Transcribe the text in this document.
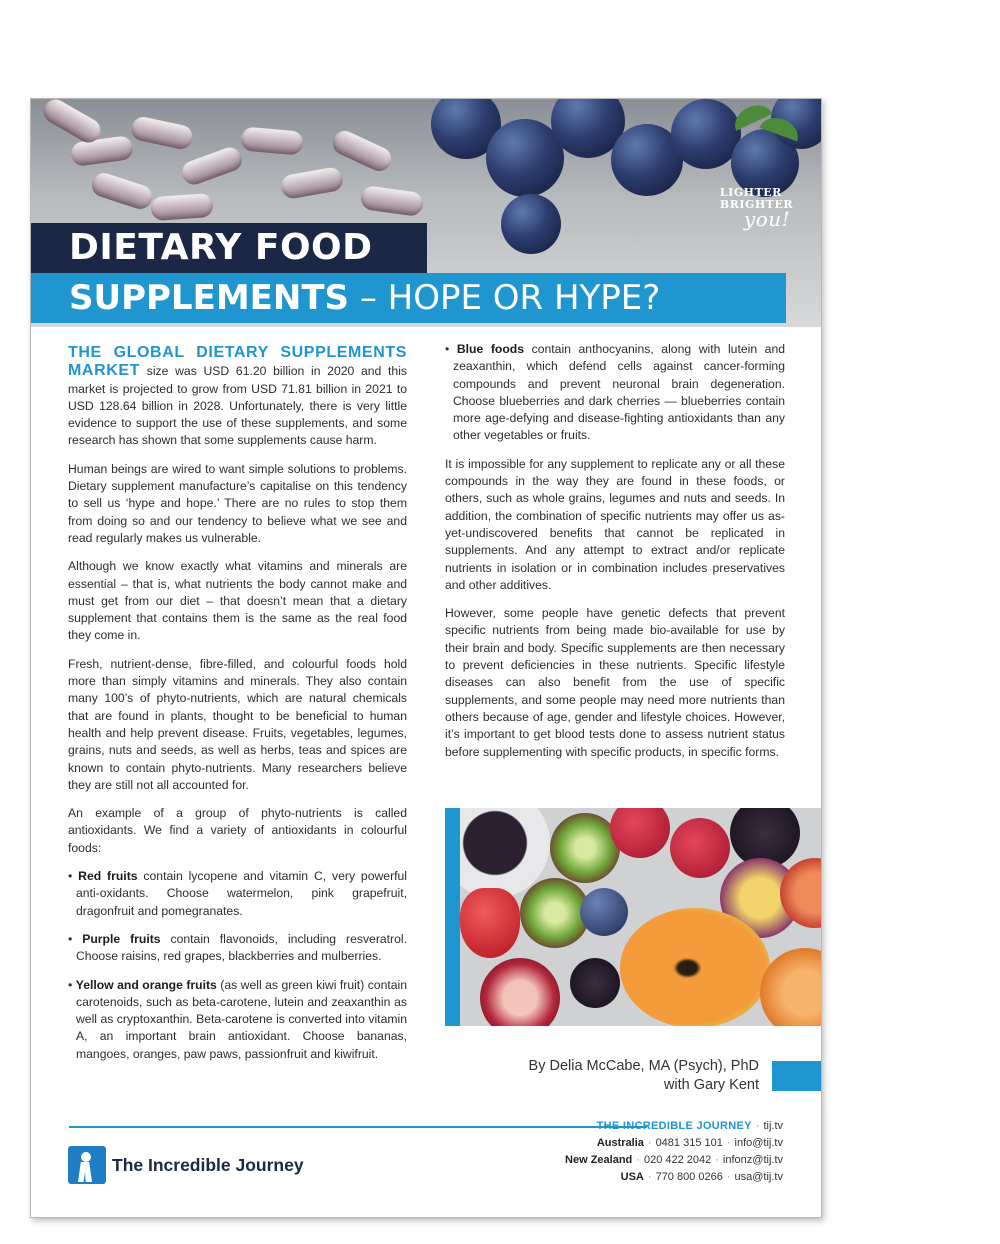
LIGHTER
BRIGHTER
you!
DIETARY FOOD
SUPPLEMENTS – HOPE OR HYPE?

THE GLOBAL DIETARY SUPPLEMENTS MARKET size was USD 61.20 billion in 2020 and this market is projected to grow from USD 71.81 billion in 2021 to USD 128.64 billion in 2028. Unfortunately, there is very little evidence to support the use of these supplements, and some research has shown that some supplements cause harm.

Human beings are wired to want simple solutions to problems. Dietary supplement manufacture’s capitalise on this tendency to sell us ‘hype and hope.’ There are no rules to stop them from doing so and our tendency to believe what we see and read regularly makes us vulnerable.

Although we know exactly what vitamins and minerals are essential – that is, what nutrients the body cannot make and must get from our diet – that doesn’t mean that a dietary supplement that contains them is the same as the real food they come in.

Fresh, nutrient-dense, fibre-filled, and colourful foods hold more than simply vitamins and minerals. They also contain many 100’s of phyto-nutrients, which are natural chemicals that are found in plants, thought to be beneficial to human health and help prevent disease. Fruits, vegetables, legumes, grains, nuts and seeds, as well as herbs, teas and spices are known to contain phyto-nutrients. Many researchers believe they are still not all accounted for.

An example of a group of phyto-nutrients is called antioxidants. We find a variety of antioxidants in colourful foods:

• Red fruits contain lycopene and vitamin C, very powerful anti-oxidants. Choose watermelon, pink grapefruit, dragonfruit and pomegranates.

• Purple fruits contain flavonoids, including resveratrol. Choose raisins, red grapes, blackberries and mulberries.

• Yellow and orange fruits (as well as green kiwi fruit) contain carotenoids, such as beta-carotene, lutein and zeaxanthin as well as cryptoxanthin. Beta-carotene is converted into vitamin A, an important brain antioxidant. Choose bananas, mangoes, oranges, paw paws, passionfruit and kiwifruit.

• Blue foods contain anthocyanins, along with lutein and zeaxanthin, which defend cells against cancer-forming compounds and prevent neuronal brain degeneration. Choose blueberries and dark cherries — blueberries contain more age-defying and disease-fighting antioxidants than any other vegetables or fruits.

It is impossible for any supplement to replicate any or all these compounds in the way they are found in these foods, or others, such as whole grains, legumes and nuts and seeds. In addition, the combination of specific nutrients may offer us as-yet-undiscovered benefits that cannot be replicated in supplements. And any attempt to extract and/or replicate nutrients in isolation or in combination includes preservatives and other additives.

However, some people have genetic defects that prevent specific nutrients from being made bio-available for use by their brain and body. Specific supplements are then necessary to prevent deficiencies in these nutrients. Specific lifestyle diseases can also benefit from the use of specific supplements, and some people may need more nutrients than others because of age, gender and lifestyle choices. However, it’s important to get blood tests done to assess nutrient status before supplementing with specific products, in specific forms.

By Delia McCabe, MA (Psych), PhD
with Gary Kent
The Incredible Journey
THE INCREDIBLE JOURNEY · tij.tv
Australia · 0481 315 101 · info@tij.tv
New Zealand · 020 422 2042 · infonz@tij.tv
USA · 770 800 0266 · usa@tij.tv
